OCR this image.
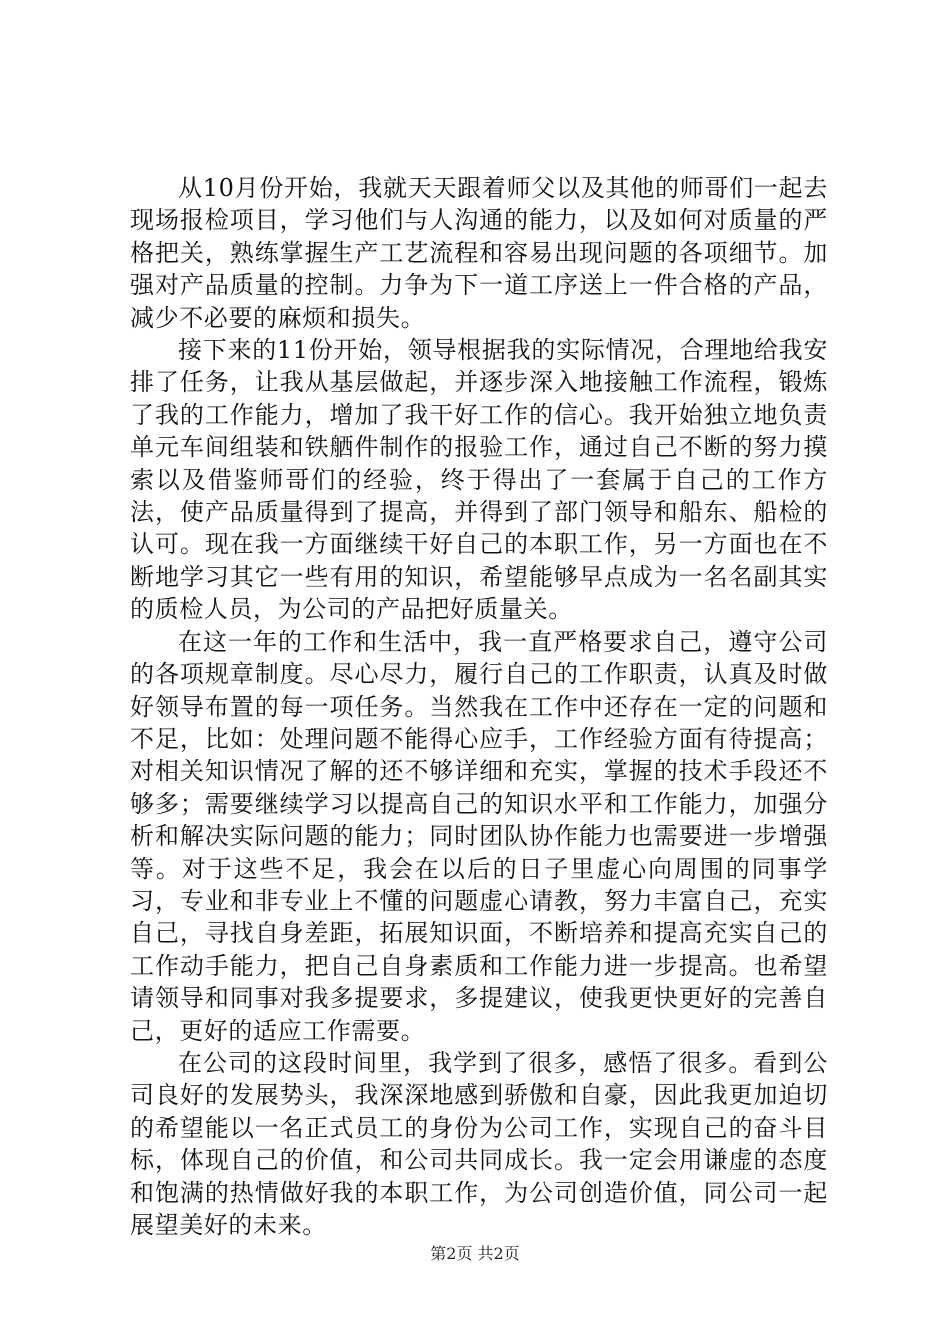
从10月份开始，我就天天跟着师父以及其他的师哥们一起去现场报检项目，学习他们与人沟通的能力，以及如何对质量的严格把关，熟练掌握生产工艺流程和容易出现问题的各项细节。加强对产品质量的控制。力争为下一道工序送上一件合格的产品，减少不必要的麻烦和损失。

接下来的11份开始，领导根据我的实际情况，合理地给我安排了任务，让我从基层做起，并逐步深入地接触工作流程，锻炼了我的工作能力，增加了我干好工作的信心。我开始独立地负责单元车间组装和铁舾件制作的报验工作，通过自己不断的努力摸索以及借鉴师哥们的经验，终于得出了一套属于自己的工作方法，使产品质量得到了提高，并得到了部门领导和船东、船检的认可。现在我一方面继续干好自己的本职工作，另一方面也在不断地学习其它一些有用的知识，希望能够早点成为一名名副其实的质检人员，为公司的产品把好质量关。

在这一年的工作和生活中，我一直严格要求自己，遵守公司的各项规章制度。尽心尽力，履行自己的工作职责，认真及时做好领导布置的每一项任务。当然我在工作中还存在一定的问题和不足，比如：处理问题不能得心应手，工作经验方面有待提高；对相关知识情况了解的还不够详细和充实，掌握的技术手段还不够多；需要继续学习以提高自己的知识水平和工作能力，加强分析和解决实际问题的能力；同时团队协作能力也需要进一步增强等。对于这些不足，我会在以后的日子里虚心向周围的同事学习，专业和非专业上不懂的问题虚心请教，努力丰富自己，充实自己，寻找自身差距，拓展知识面，不断培养和提高充实自己的工作动手能力，把自己自身素质和工作能力进一步提高。也希望请领导和同事对我多提要求，多提建议，使我更快更好的完善自己，更好的适应工作需要。

在公司的这段时间里，我学到了很多，感悟了很多。看到公司良好的发展势头，我深深地感到骄傲和自豪，因此我更加迫切的希望能以一名正式员工的身份为公司工作，实现自己的奋斗目标，体现自己的价值，和公司共同成长。我一定会用谦虚的态度和饱满的热情做好我的本职工作，为公司创造价值，同公司一起展望美好的未来。

第2页 共2页
